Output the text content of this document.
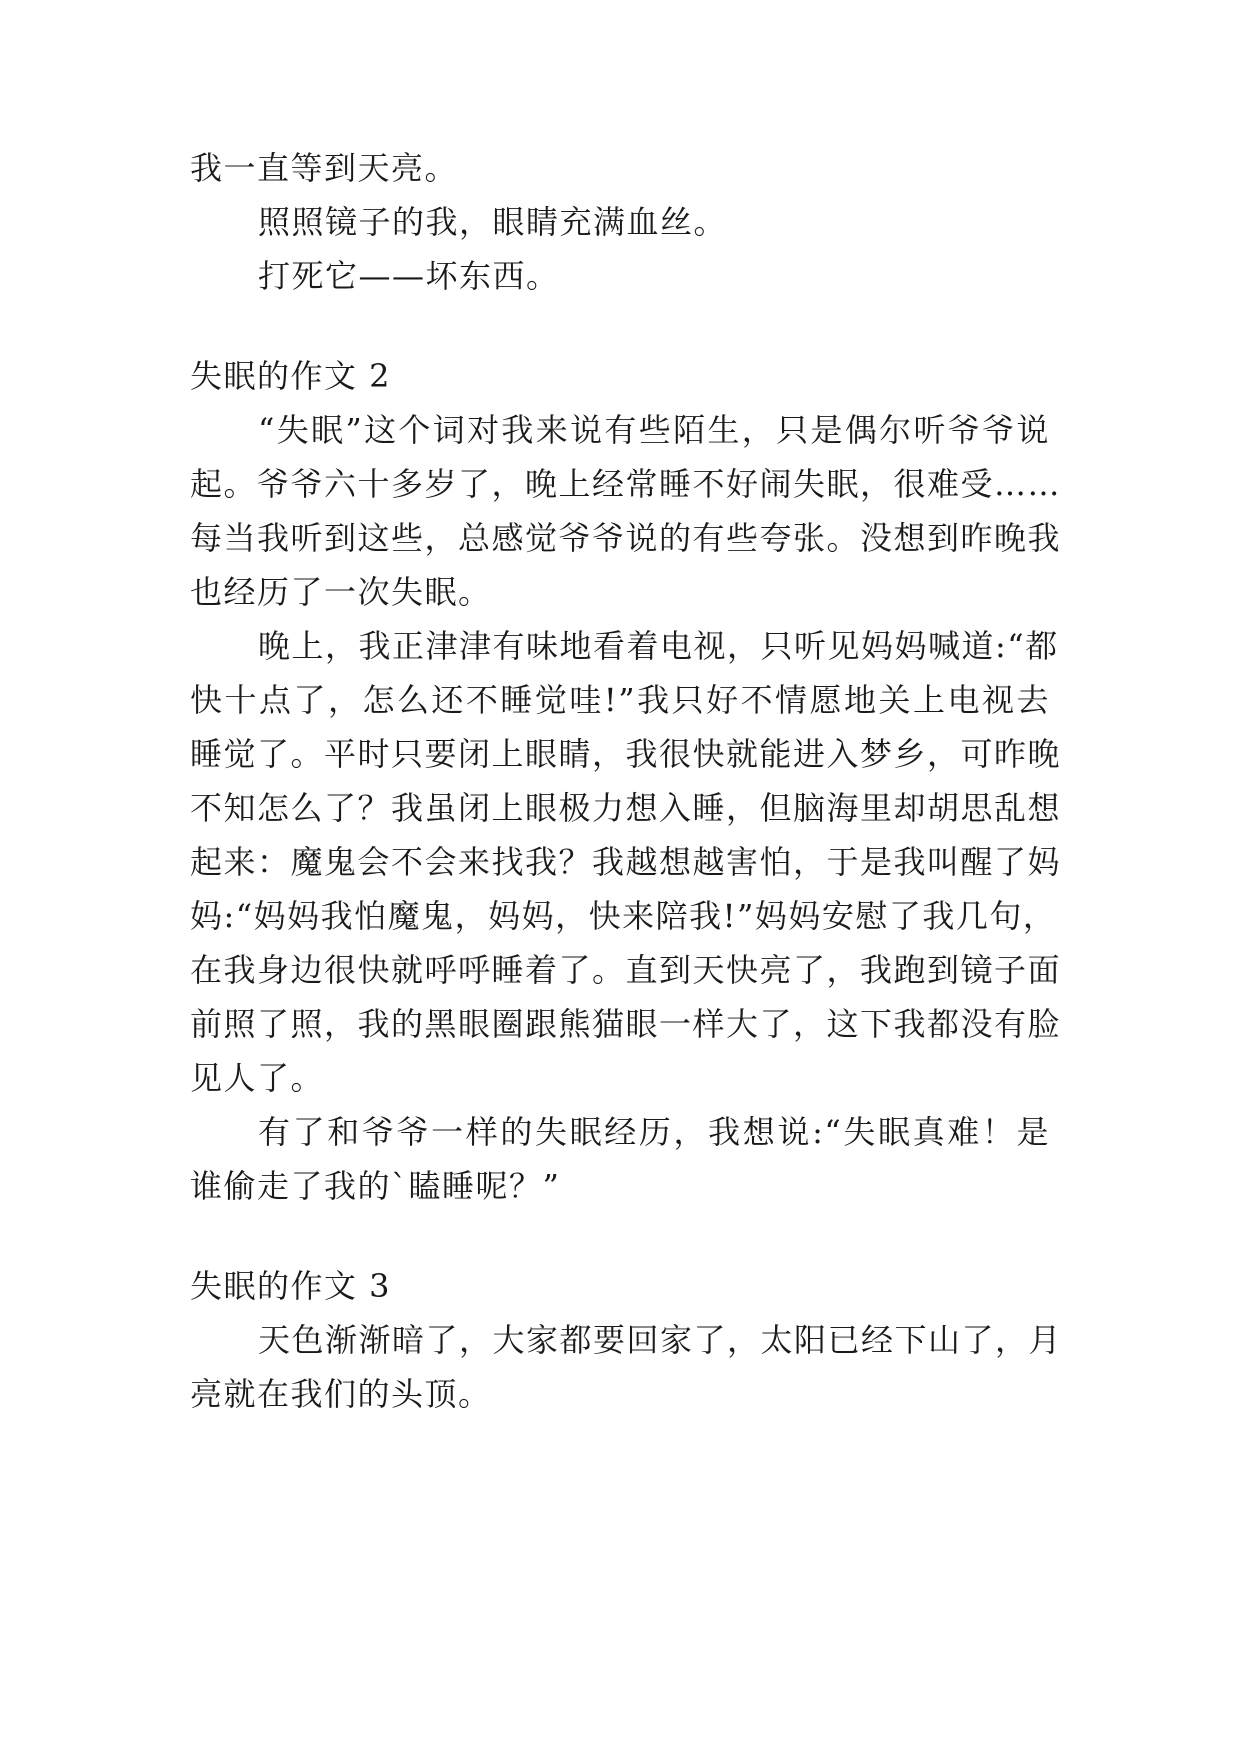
我一直等到天亮。

照照镜子的我，眼睛充满血丝。

打死它——坏东西。

失眠的作文 2

“失眠”这个词对我来说有些陌生，只是偶尔听爷爷说

起。爷爷六十多岁了，晚上经常睡不好闹失眠，很难受……

每当我听到这些，总感觉爷爷说的有些夸张。没想到昨晚我

也经历了一次失眠。

晚上，我正津津有味地看着电视，只听见妈妈喊道:“都

快十点了，怎么还不睡觉哇!”我只好不情愿地关上电视去

睡觉了。平时只要闭上眼睛，我很快就能进入梦乡，可昨晚

不知怎么了？我虽闭上眼极力想入睡，但脑海里却胡思乱想

起来：魔鬼会不会来找我？我越想越害怕，于是我叫醒了妈

妈:“妈妈我怕魔鬼，妈妈，快来陪我!”妈妈安慰了我几句，

在我身边很快就呼呼睡着了。直到天快亮了，我跑到镜子面

前照了照，我的黑眼圈跟熊猫眼一样大了，这下我都没有脸

见人了。

有了和爷爷一样的失眠经历，我想说:“失眠真难！是

谁偷走了我的`瞌睡呢？”

失眠的作文 3

天色渐渐暗了，大家都要回家了，太阳已经下山了，月

亮就在我们的头顶。
